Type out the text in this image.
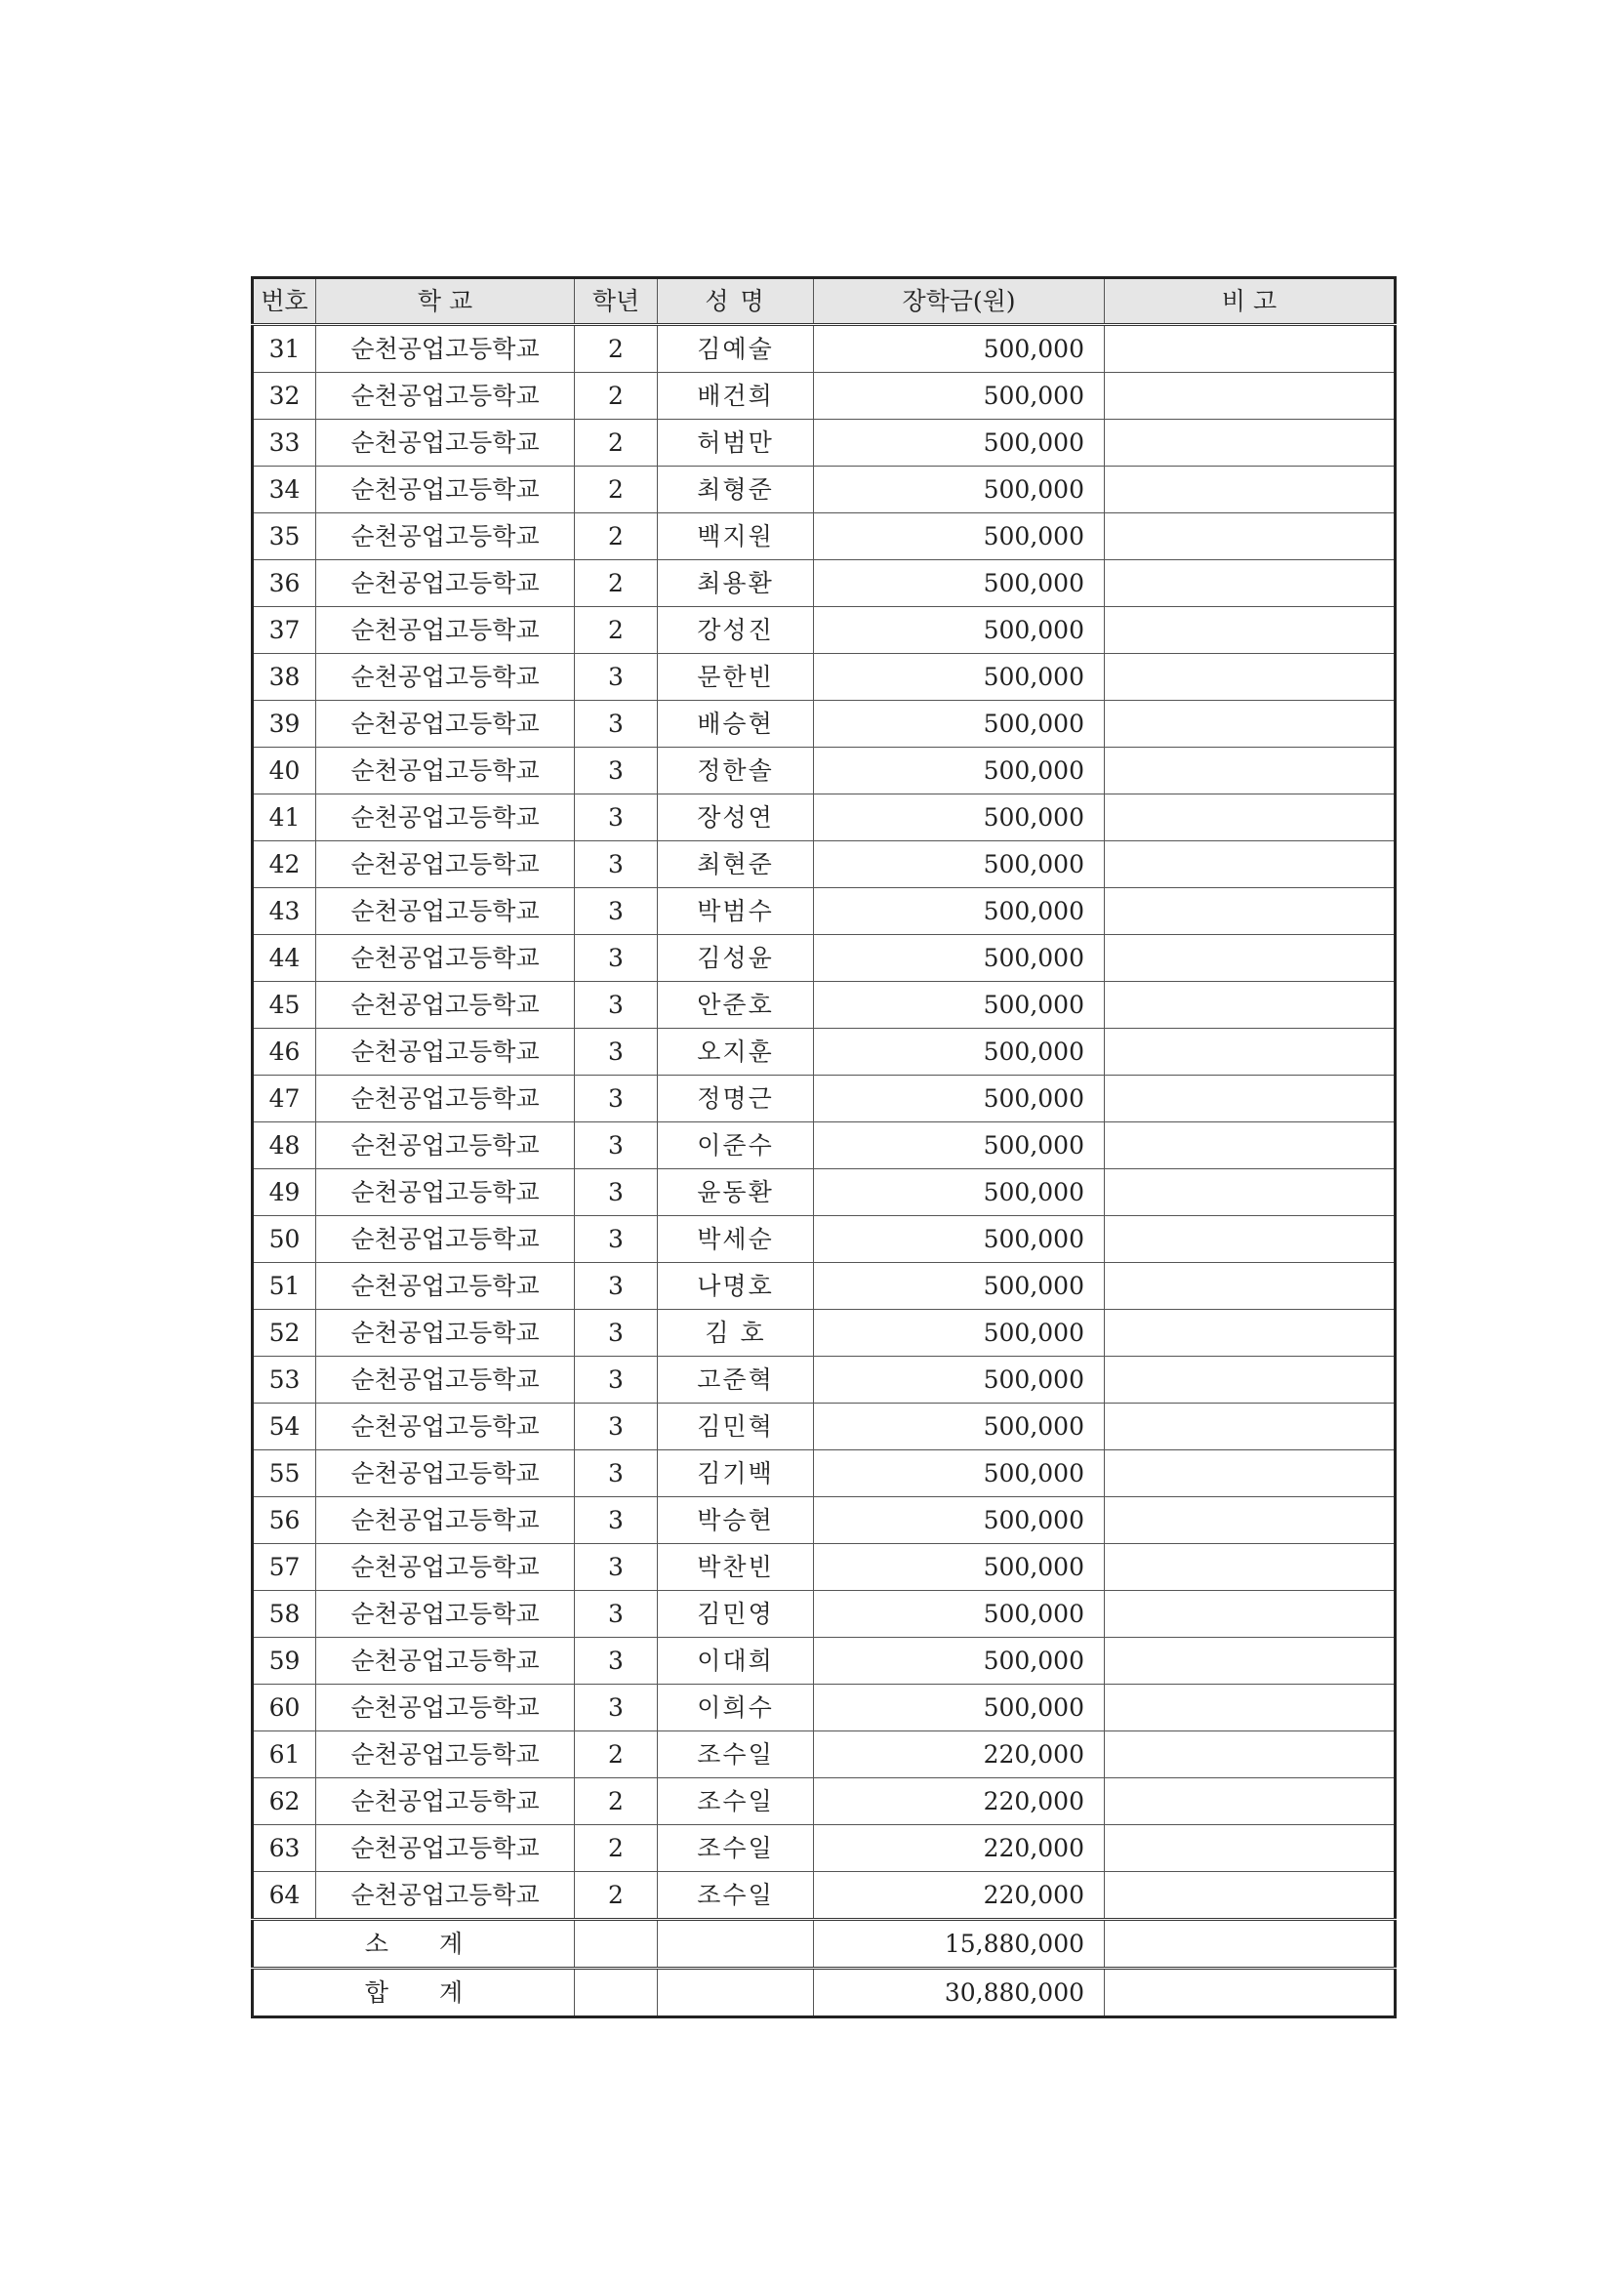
번호	학 교	학년	성 명	장학금(원)	비 고
31	순천공업고등학교	2	김예술	500,000	
32	순천공업고등학교	2	배건희	500,000	
33	순천공업고등학교	2	허범만	500,000	
34	순천공업고등학교	2	최형준	500,000	
35	순천공업고등학교	2	백지원	500,000	
36	순천공업고등학교	2	최용환	500,000	
37	순천공업고등학교	2	강성진	500,000	
38	순천공업고등학교	3	문한빈	500,000	
39	순천공업고등학교	3	배승현	500,000	
40	순천공업고등학교	3	정한솔	500,000	
41	순천공업고등학교	3	장성연	500,000	
42	순천공업고등학교	3	최현준	500,000	
43	순천공업고등학교	3	박범수	500,000	
44	순천공업고등학교	3	김성윤	500,000	
45	순천공업고등학교	3	안준호	500,000	
46	순천공업고등학교	3	오지훈	500,000	
47	순천공업고등학교	3	정명근	500,000	
48	순천공업고등학교	3	이준수	500,000	
49	순천공업고등학교	3	윤동환	500,000	
50	순천공업고등학교	3	박세순	500,000	
51	순천공업고등학교	3	나명호	500,000	
52	순천공업고등학교	3	김 호	500,000	
53	순천공업고등학교	3	고준혁	500,000	
54	순천공업고등학교	3	김민혁	500,000	
55	순천공업고등학교	3	김기백	500,000	
56	순천공업고등학교	3	박승현	500,000	
57	순천공업고등학교	3	박찬빈	500,000	
58	순천공업고등학교	3	김민영	500,000	
59	순천공업고등학교	3	이대희	500,000	
60	순천공업고등학교	3	이희수	500,000	
61	순천공업고등학교	2	조수일	220,000	
62	순천공업고등학교	2	조수일	220,000	
63	순천공업고등학교	2	조수일	220,000	
64	순천공업고등학교	2	조수일	220,000	
소 계				15,880,000	
합 계				30,880,000	
